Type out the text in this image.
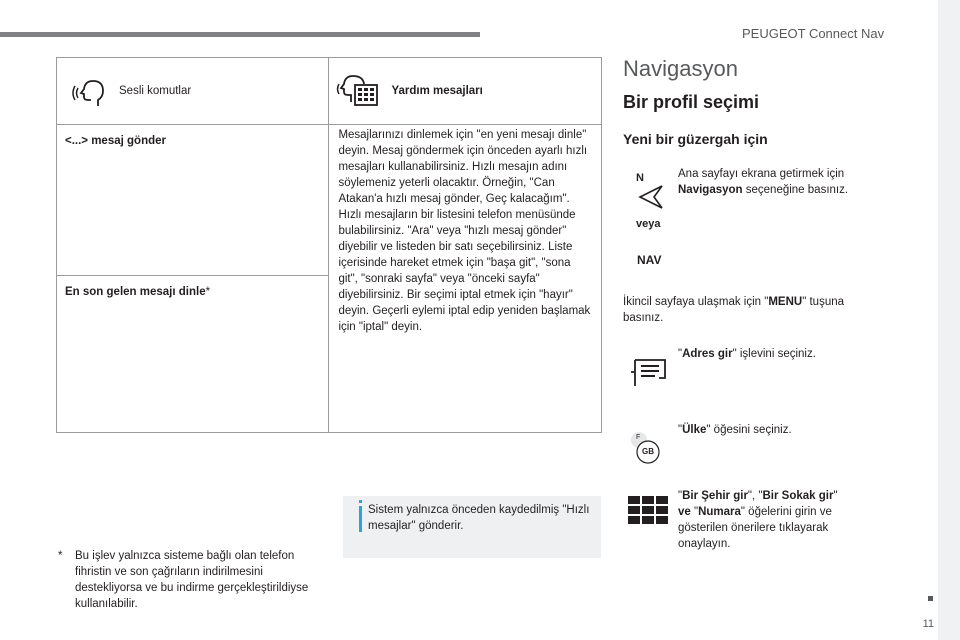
PEUGEOT Connect Nav
11
Sesli komutlar	Yardım mesajları

<...> mesaj gönder	Mesajlarınızı dinlemek için "en yeni mesajı dinle" deyin. Mesaj göndermek için önceden ayarlı hızlı mesajları kullanabilirsiniz. Hızlı mesajın adını söylemeniz yeterli olacaktır. Örneğin, "Can Atakan'a hızlı mesaj gönder, Geç kalacağım". Hızlı mesajların bir listesini telefon menüsünde bulabilirsiniz. "Ara" veya "hızlı mesaj gönder" diyebilir ve listeden bir satı seçebilirsiniz. Liste içerisinde hareket etmek için "başa git", "sona git", "sonraki sayfa" veya "önceki sayfa" diyebilirsiniz. Bir seçimi iptal etmek için "hayır" deyin. Geçerli eylemi iptal edip yeniden başlamak için "iptal" deyin.
En son gelen mesajı dinle*	
Sistem yalnızca önceden kaydedilmiş "Hızlı mesajlar" gönderir.
* Bu işlev yalnızca sisteme bağlı olan telefon fihristin ve son çağrıların indirilmesini destekliyorsa ve bu indirme gerçekleştirildiyse kullanılabilir.
Navigasyon
Bir profil seçimi
Yeni bir güzergah için
N
veya
NAV
Ana sayfayı ekrana getirmek için Navigasyon seçeneğine basınız.
İkincil sayfaya ulaşmak için "MENU" tuşuna basınız.
"Adres gir" işlevini seçiniz.
F
GB
"Ülke" öğesini seçiniz.
"Bir Şehir gir", "Bir Sokak gir"
ve "Numara" öğelerini girin ve gösterilen önerilere tıklayarak onaylayın.
